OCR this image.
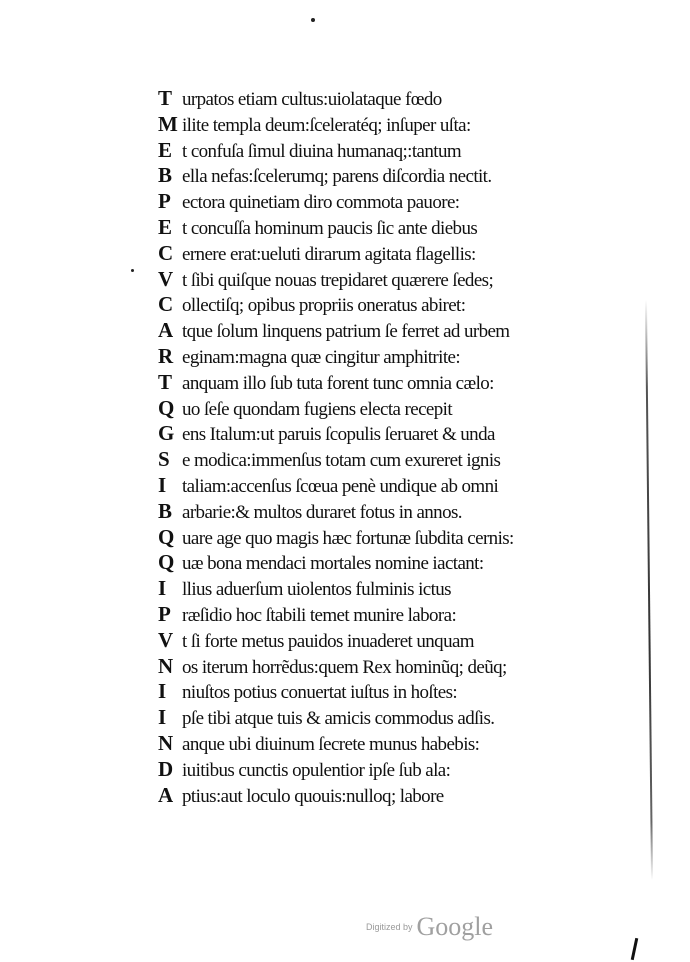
T urpatos etiam cultus:uiolataque fœdo
M ilite templa deum:ſceleratéq; inſuper uſta:
E t confuſa ſimul diuina humanaq;:tantum
B ella nefas:ſcelerumq; parens diſcordia nectit.
P ectora quinetiam diro commota pauore:
E t concuſſa hominum paucis ſic ante diebus
C ernere erat:ueluti dirarum agitata flagellis:
V t ſibi quiſque nouas trepidaret quærere ſedes;
C ollectiſq; opibus propriis oneratus abiret:
A tque ſolum linquens patrium ſe ferret ad urbem
R eginam:magna quæ cingitur amphitrite:
T anquam illo ſub tuta forent tunc omnia cælo:
Q uo ſeſe quondam fugiens electa recepit
G ens Italum:ut paruis ſcopulis ſeruaret & unda
S e modica:immenſus totam cum exureret ignis
I taliam:accenſus ſcœua penè undique ab omni
B arbarie:& multos duraret fotus in annos.
Q uare age quo magis hæc fortunæ ſubdita cernis:
Q uæ bona mendaci mortales nomine iactant:
I llius aduerſum uiolentos fulminis ictus
P ræſidio hoc ſtabili temet munire labora:
V t ſi forte metus pauidos inuaderet unquam
N os iterum horrẽdus:quem Rex hominũq; deũq;
I niuſtos potius conuertat iuſtus in hoſtes:
I pſe tibi atque tuis & amicis commodus adſis.
N anque ubi diuinum ſecrete munus habebis:
D iuitibus cunctis opulentior ipſe ſub ala:
A ptius:aut loculo quouis:nulloq; labore
Digitized by Google
